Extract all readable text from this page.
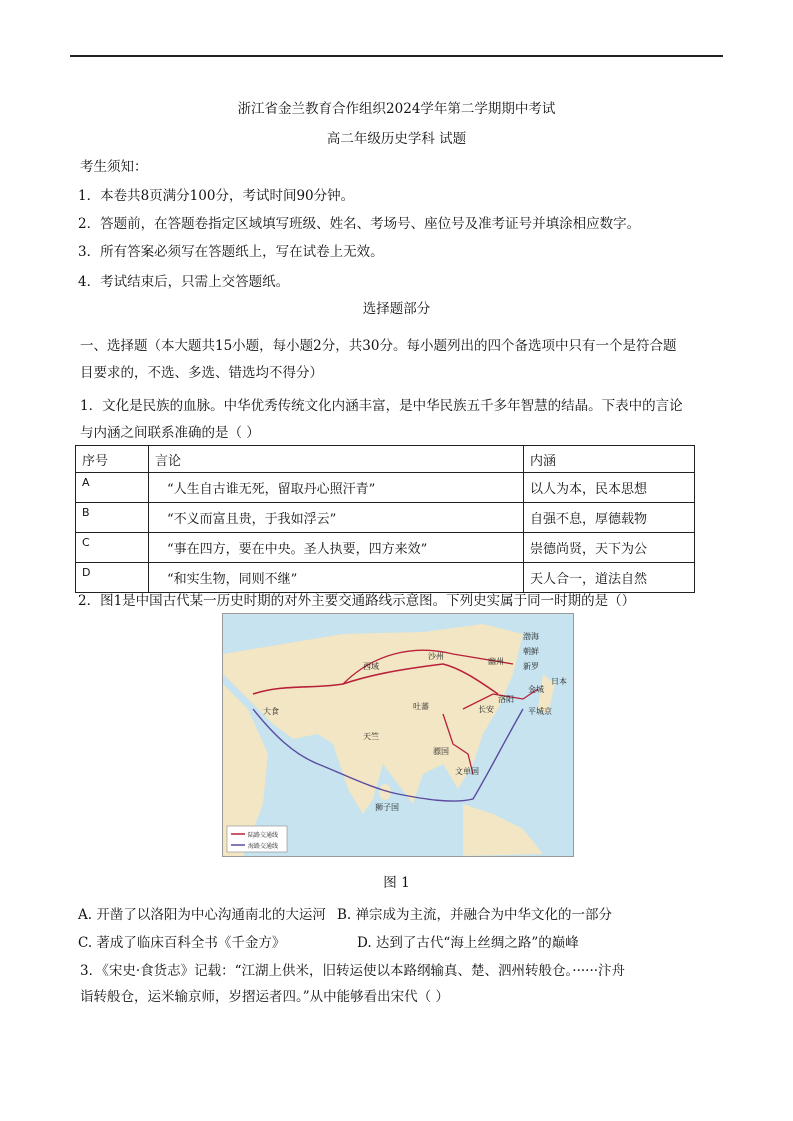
浙江省金兰教育合作组织2024学年第二学期期中考试
高二年级历史学科 试题
考生须知：
1．本卷共8页满分100分，考试时间90分钟。
2．答题前，在答题卷指定区域填写班级、姓名、考场号、座位号及准考证号并填涂相应数字。
3．所有答案必须写在答题纸上，写在试卷上无效。
4．考试结束后，只需上交答题纸。
选择题部分
一、选择题（本大题共15小题，每小题2分，共30分。每小题列出的四个备选项中只有一个是符合题
目要求的，不选、多选、错选均不得分）
1．文化是民族的血脉。中华优秀传统文化内涵丰富，是中华民族五千多年智慧的结晶。下表中的言论
与内涵之间联系准确的是（ ）
序号	言论	内涵
A	“人生自古谁无死，留取丹心照汗青”	以人为本，民本思想
B	“不义而富且贵，于我如浮云”	自强不息，厚德载物
C	“事在四方，要在中央。圣人执要，四方来效”	崇德尚贤，天下为公
D	“和实生物，同则不继”	天人合一，道法自然
2．图1是中国古代某一历史时期的对外主要交通路线示意图。下列史实属于同一时期的是（）
渤海
朝鲜
新罗
日本
金城
平城京
长安
洛阳
幽州
西域
沙州
吐蕃
大食
天竺
骠国
文单国
狮子国
陆路交通线
海路交通线
图 1
A. 开凿了以洛阳为中心沟通南北的大运河 B. 禅宗成为主流，并融合为中华文化的一部分
C. 著成了临床百科全书《千金方》	D. 达到了古代“海上丝绸之路”的巅峰
3．《宋史·食货志》记载：“江湖上供米，旧转运使以本路纲输真、楚、泗州转般仓。······汴舟
诣转般仓，运米输京师，岁摺运者四。”从中能够看出宋代（ ）
